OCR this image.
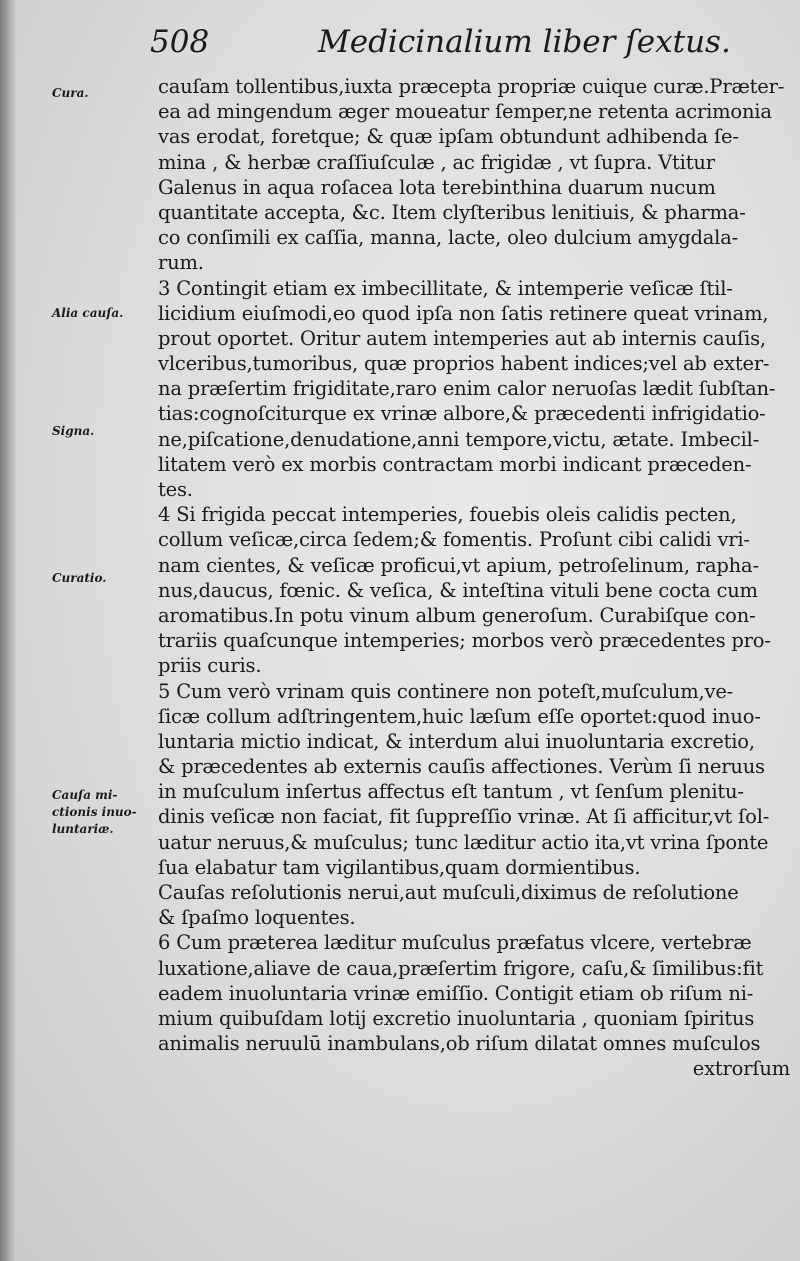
508	Medicinalium liber ſextus.
Cura.
Alia cauſa.
Signa.
Curatio.
Cauſa mi-
ctionis inuo-
luntariæ.
cauſam tollentibus,iuxta præcepta propriæ cuique curæ.Præter-
ea ad mingendum æger moueatur ſemper,ne retenta acrimonia
vas erodat, foretque; & quæ ipſam obtundunt adhibenda ſe-
mina , & herbæ craſſiuſculæ , ac frigidæ , vt ſupra. Vtitur
Galenus in aqua roſacea lota terebinthina duarum nucum
quantitate accepta, &c. Item clyſteribus lenitiuis, & pharma-
co conſimili ex caſſia, manna, lacte, oleo dulcium amygdala-
rum.
3 Contingit etiam ex imbecillitate, & intemperie veſicæ ſtil-
licidium eiuſmodi,eo quod ipſa non ſatis retinere queat vrinam,
prout oportet. Oritur autem intemperies aut ab internis cauſis,
vlceribus,tumoribus, quæ proprios habent indices;vel ab exter-
na præſertim frigiditate,raro enim calor neruoſas lædit ſubſtan-
tias:cognoſciturque ex vrinæ albore,& præcedenti infrigidatio-
ne,piſcatione,denudatione,anni tempore,victu, ætate. Imbecil-
litatem verò ex morbis contractam morbi indicant præceden-
tes.
4 Si frigida peccat intemperies, fouebis oleis calidis pecten,
collum veſicæ,circa ſedem;& fomentis. Proſunt cibi calidi vri-
nam cientes, & veſicæ proficui,vt apium, petroſelinum, rapha-
nus,daucus, fœnic. & veſica, & inteſtina vituli bene cocta cum
aromatibus.In potu vinum album generoſum. Curabiſque con-
trariis quaſcunque intemperies; morbos verò præcedentes pro-
priis curis.
5 Cum verò vrinam quis continere non poteſt,muſculum,ve-
ſicæ collum adſtringentem,huic læſum eſſe oportet:quod inuo-
luntaria mictio indicat, & interdum alui inuoluntaria excretio,
& præcedentes ab externis cauſis affectiones. Verùm ſi neruus
in muſculum inſertus affectus eſt tantum , vt ſenſum plenitu-
dinis veſicæ non faciat, fit ſuppreſſio vrinæ. At ſi afficitur,vt ſol-
uatur neruus,& muſculus; tunc læditur actio ita,vt vrina ſponte
ſua elabatur tam vigilantibus,quam dormientibus.
Cauſas reſolutionis nerui,aut muſculi,diximus de reſolutione
& ſpaſmo loquentes.
6 Cum præterea læditur muſculus præfatus vlcere, vertebræ
luxatione,aliave de caua,præſertim frigore, caſu,& ſimilibus:fit
eadem inuoluntaria vrinæ emiſſio. Contigit etiam ob riſum ni-
mium quibuſdam lotij excretio inuoluntaria , quoniam ſpiritus
animalis neruulū inambulans,ob riſum dilatat omnes muſculos
extrorſum
